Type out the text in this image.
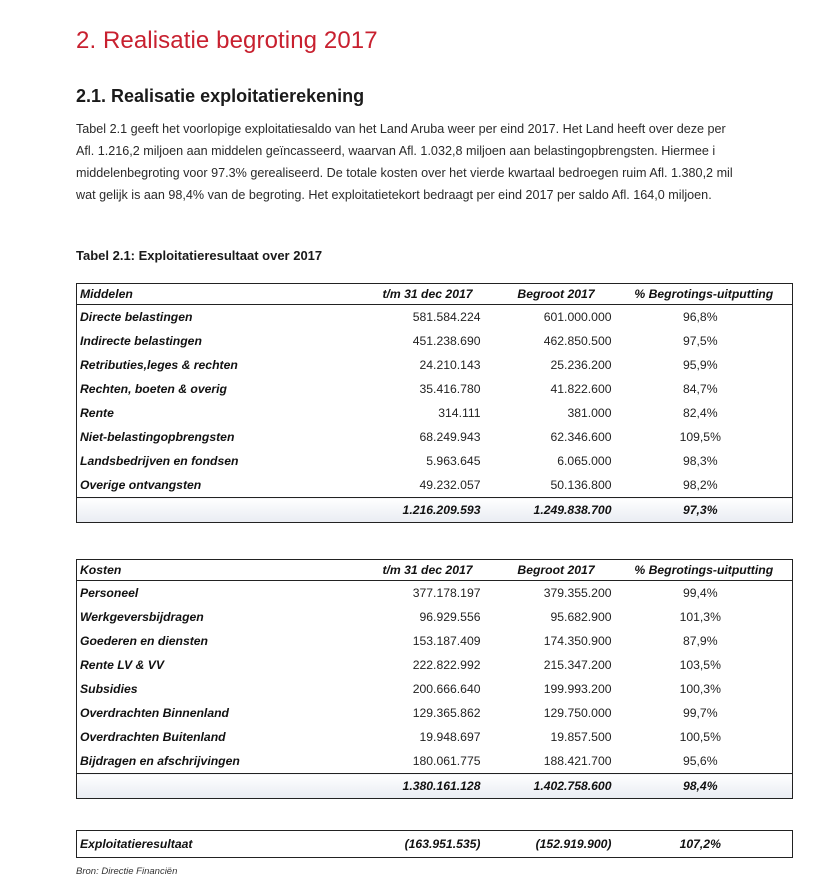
2. Realisatie begroting 2017
2.1. Realisatie exploitatierekening
Tabel 2.1 geeft het voorlopige exploitatiesaldo van het Land Aruba weer per eind 2017. Het Land heeft over deze per
Afl. 1.216,2 miljoen aan middelen geïncasseerd, waarvan Afl. 1.032,8 miljoen aan belastingopbrengsten. Hiermee i
middelenbegroting voor 97.3% gerealiseerd. De totale kosten over het vierde kwartaal bedroegen ruim Afl. 1.380,2 mil
wat gelijk is aan 98,4% van de begroting. Het exploitatietekort bedraagt per eind 2017 per saldo Afl. 164,0 miljoen.
Tabel 2.1: Exploitatieresultaat over 2017
Middelen	t/m 31 dec 2017	Begroot 2017	% Begrotings-uitputting
Directe belastingen	581.584.224	601.000.000	96,8%
Indirecte belastingen	451.238.690	462.850.500	97,5%
Retributies,leges & rechten	24.210.143	25.236.200	95,9%
Rechten, boeten & overig	35.416.780	41.822.600	84,7%
Rente	314.111	381.000	82,4%
Niet-belastingopbrengsten	68.249.943	62.346.600	109,5%
Landsbedrijven en fondsen	5.963.645	6.065.000	98,3%
Overige ontvangsten	49.232.057	50.136.800	98,2%
	1.216.209.593	1.249.838.700	97,3%
Kosten	t/m 31 dec 2017	Begroot 2017	% Begrotings-uitputting
Personeel	377.178.197	379.355.200	99,4%
Werkgeversbijdragen	96.929.556	95.682.900	101,3%
Goederen en diensten	153.187.409	174.350.900	87,9%
Rente LV & VV	222.822.992	215.347.200	103,5%
Subsidies	200.666.640	199.993.200	100,3%
Overdrachten Binnenland	129.365.862	129.750.000	99,7%
Overdrachten Buitenland	19.948.697	19.857.500	100,5%
Bijdragen en afschrijvingen	180.061.775	188.421.700	95,6%
	1.380.161.128	1.402.758.600	98,4%
Exploitatieresultaat	(163.951.535)	(152.919.900)	107,2%
Bron: Directie Financiën
